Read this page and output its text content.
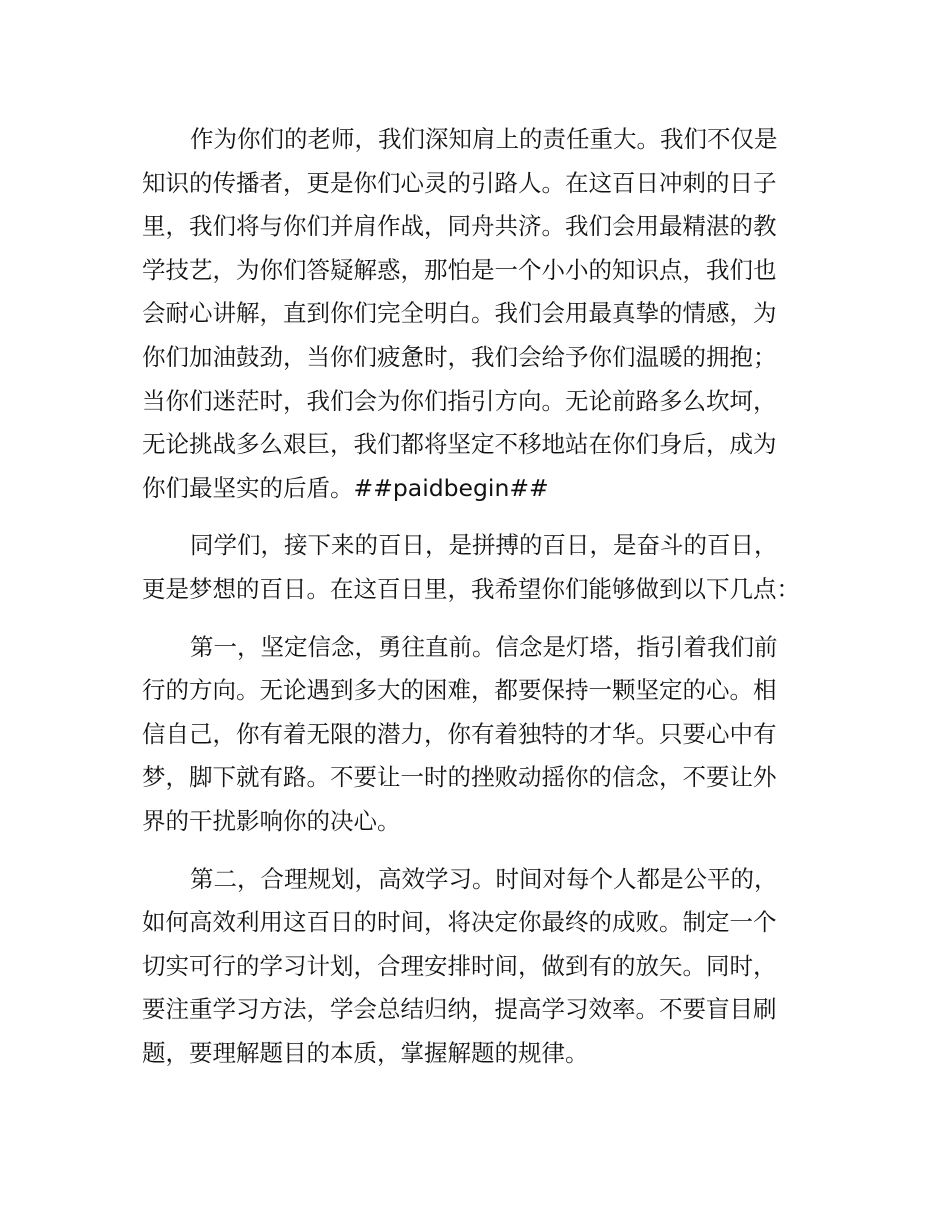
作为你们的老师，我们深知肩上的责任重大。我们不仅是
知识的传播者，更是你们心灵的引路人。在这百日冲刺的日子
里，我们将与你们并肩作战，同舟共济。我们会用最精湛的教
学技艺，为你们答疑解惑，那怕是一个小小的知识点，我们也
会耐心讲解，直到你们完全明白。我们会用最真挚的情感，为
你们加油鼓劲，当你们疲惫时，我们会给予你们温暖的拥抱；
当你们迷茫时，我们会为你们指引方向。无论前路多么坎坷，
无论挑战多么艰巨，我们都将坚定不移地站在你们身后，成为
你们最坚实的后盾。##paidbegin##

同学们，接下来的百日，是拼搏的百日，是奋斗的百日，
更是梦想的百日。在这百日里，我希望你们能够做到以下几点：

第一，坚定信念，勇往直前。信念是灯塔，指引着我们前
行的方向。无论遇到多大的困难，都要保持一颗坚定的心。相
信自己，你有着无限的潜力，你有着独特的才华。只要心中有
梦，脚下就有路。不要让一时的挫败动摇你的信念，不要让外
界的干扰影响你的决心。

第二，合理规划，高效学习。时间对每个人都是公平的，
如何高效利用这百日的时间，将决定你最终的成败。制定一个
切实可行的学习计划，合理安排时间，做到有的放矢。同时，
要注重学习方法，学会总结归纳，提高学习效率。不要盲目刷
题，要理解题目的本质，掌握解题的规律。
